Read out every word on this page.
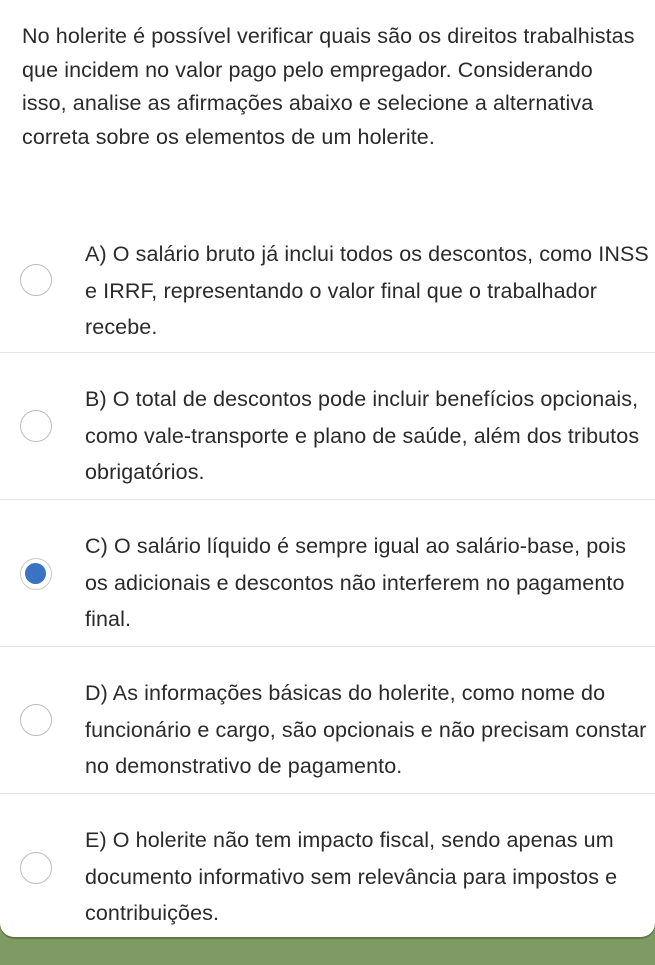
No holerite é possível verificar quais são os direitos trabalhistas que incidem no valor pago pelo empregador. Considerando isso, analise as afirmações abaixo e selecione a alternativa correta sobre os elementos de um holerite.

A) O salário bruto já inclui todos os descontos, como INSS e IRRF, representando o valor final que o trabalhador recebe.

B) O total de descontos pode incluir benefícios opcionais, como vale-transporte e plano de saúde, além dos tributos obrigatórios.

C) O salário líquido é sempre igual ao salário-base, pois os adicionais e descontos não interferem no pagamento final.

D) As informações básicas do holerite, como nome do funcionário e cargo, são opcionais e não precisam constar no demonstrativo de pagamento.

E) O holerite não tem impacto fiscal, sendo apenas um documento informativo sem relevância para impostos e contribuições.
